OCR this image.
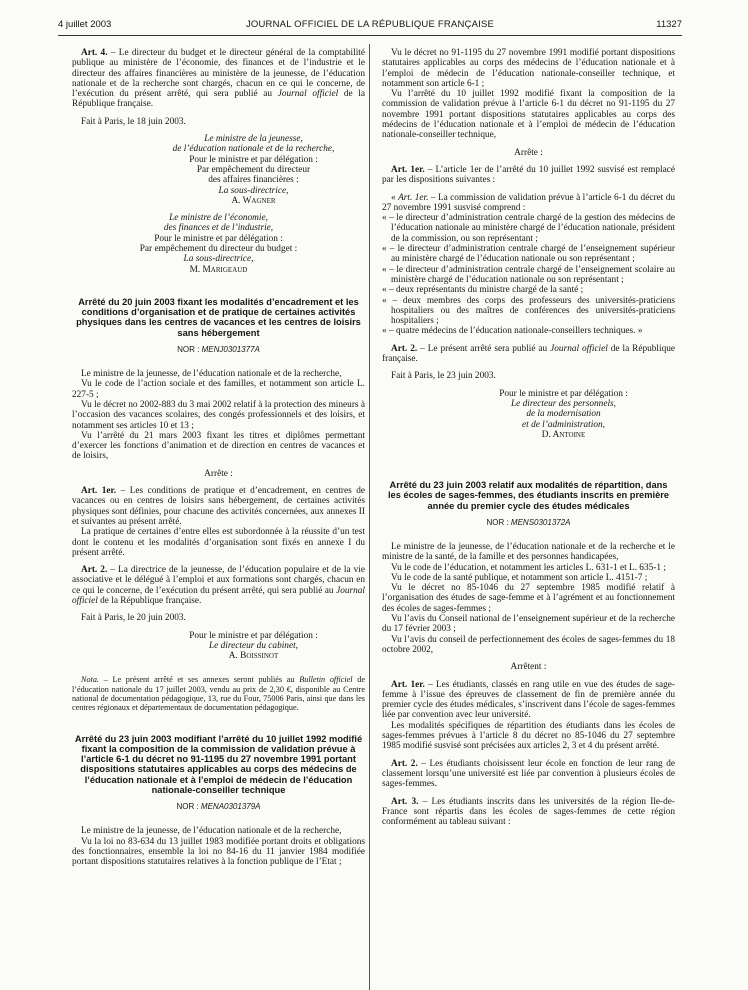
4 juillet 2003	JOURNAL OFFICIEL DE LA RÉPUBLIQUE FRANÇAISE	11327

Art. 4. – Le directeur du budget et le directeur général de la comptabilité publique au ministère de l’économie, des finances et de l’industrie et le directeur des affaires financières au ministère de la jeunesse, de l’éducation nationale et de la recherche sont chargés, chacun en ce qui le concerne, de l’exécution du présent arrêté, qui sera publié au Journal officiel de la République française.

Fait à Paris, le 18 juin 2003.

Le ministre de la jeunesse,

de l’éducation nationale et de la recherche,

Pour le ministre et par délégation :

Par empêchement du directeur

des affaires financières :

La sous-directrice,

A. Wagner

Le ministre de l’économie,

des finances et de l’industrie,

Pour le ministre et par délégation :

Par empêchement du directeur du budget :

La sous-directrice,

M. Marigeaud

Arrêté du 20 juin 2003 fixant les modalités d’encadrement et les conditions d’organisation et de pratique de certaines activités physiques dans les centres de vacances et les centres de loisirs sans hébergement

NOR : MENJ0301377A

Le ministre de la jeunesse, de l’éducation nationale et de la recherche,

Vu le code de l’action sociale et des familles, et notamment son article L. 227-5 ;

Vu le décret no 2002-883 du 3 mai 2002 relatif à la protection des mineurs à l’occasion des vacances scolaires, des congés professionnels et des loisirs, et notamment ses articles 10 et 13 ;

Vu l’arrêté du 21 mars 2003 fixant les titres et diplômes permettant d’exercer les fonctions d’animation et de direction en centres de vacances et de loisirs,

Arrête :

Art. 1er. – Les conditions de pratique et d’encadrement, en centres de vacances ou en centres de loisirs sans hébergement, de certaines activités physiques sont définies, pour chacune des activités concernées, aux annexes II et suivantes au présent arrêté.

La pratique de certaines d’entre elles est subordonnée à la réussite d’un test dont le contenu et les modalités d’organisation sont fixés en annexe I du présent arrêté.

Art. 2. – La directrice de la jeunesse, de l’éducation populaire et de la vie associative et le délégué à l’emploi et aux formations sont chargés, chacun en ce qui le concerne, de l’exécution du présent arrêté, qui sera publié au Journal officiel de la République française.

Fait à Paris, le 20 juin 2003.

Pour le ministre et par délégation :

Le directeur du cabinet,

A. Boissinot

Nota. – Le présent arrêté et ses annexes seront publiés au Bulletin officiel de l’éducation nationale du 17 juillet 2003, vendu au prix de 2,30 €, disponible au Centre national de documentation pédagogique, 13, rue du Four, 75006 Paris, ainsi que dans les centres régionaux et départementaux de documentation pédagogique.

Arrêté du 23 juin 2003 modifiant l’arrêté du 10 juillet 1992 modifié fixant la composition de la commission de validation prévue à l’article 6-1 du décret no 91-1195 du 27 novembre 1991 portant dispositions statutaires applicables au corps des médecins de l’éducation nationale et à l’emploi de médecin de l’éducation nationale-conseiller technique

NOR : MENA0301379A

Le ministre de la jeunesse, de l’éducation nationale et de la recherche,

Vu la loi no 83-634 du 13 juillet 1983 modifiée portant droits et obligations des fonctionnaires, ensemble la loi no 84-16 du 11 janvier 1984 modifiée portant dispositions statutaires relatives à la fonction publique de l’Etat ;

Vu le décret no 91-1195 du 27 novembre 1991 modifié portant dispositions statutaires applicables au corps des médecins de l’éducation nationale et à l’emploi de médecin de l’éducation nationale-conseiller technique, et notamment son article 6-1 ;

Vu l’arrêté du 10 juillet 1992 modifié fixant la composition de la commission de validation prévue à l’article 6-1 du décret no 91-1195 du 27 novembre 1991 portant dispositions statutaires applicables au corps des médecins de l’éducation nationale et à l’emploi de médecin de l’éducation nationale-conseiller technique,

Arrête :

Art. 1er. – L’article 1er de l’arrêté du 10 juillet 1992 susvisé est remplacé par les dispositions suivantes :

« Art. 1er. – La commission de validation prévue à l’article 6-1 du décret du 27 novembre 1991 susvisé comprend :

« – le directeur d’administration centrale chargé de la gestion des médecins de l’éducation nationale au ministère chargé de l’éducation nationale, président de la commission, ou son représentant ;
« – le directeur d’administration centrale chargé de l’enseignement supérieur au ministère chargé de l’éducation nationale ou son représentant ;
« – le directeur d’administration centrale chargé de l’enseignement scolaire au ministère chargé de l’éducation nationale ou son représentant ;
« – deux représentants du ministre chargé de la santé ;
« – deux membres des corps des professeurs des universités-praticiens hospitaliers ou des maîtres de conférences des universités-praticiens hospitaliers ;
« – quatre médecins de l’éducation nationale-conseillers techniques. »

Art. 2. – Le présent arrêté sera publié au Journal officiel de la République française.

Fait à Paris, le 23 juin 2003.

Pour le ministre et par délégation :

Le directeur des personnels,

de la modernisation

et de l’administration,

D. Antoine

Arrêté du 23 juin 2003 relatif aux modalités de répartition, dans les écoles de sages-femmes, des étudiants inscrits en première année du premier cycle des études médicales

NOR : MENS0301372A

Le ministre de la jeunesse, de l’éducation nationale et de la recherche et le ministre de la santé, de la famille et des personnes handicapées,

Vu le code de l’éducation, et notamment les articles L. 631-1 et L. 635-1 ;

Vu le code de la santé publique, et notamment son article L. 4151-7 ;

Vu le décret no 85-1046 du 27 septembre 1985 modifié relatif à l’organisation des études de sage-femme et à l’agrément et au fonctionnement des écoles de sages-femmes ;

Vu l’avis du Conseil national de l’enseignement supérieur et de la recherche du 17 février 2003 ;

Vu l’avis du conseil de perfectionnement des écoles de sages-femmes du 18 octobre 2002,

Arrêtent :

Art. 1er. – Les étudiants, classés en rang utile en vue des études de sage-femme à l’issue des épreuves de classement de fin de première année du premier cycle des études médicales, s’inscrivent dans l’école de sages-femmes liée par convention avec leur université.

Les modalités spécifiques de répartition des étudiants dans les écoles de sages-femmes prévues à l’article 8 du décret no 85-1046 du 27 septembre 1985 modifié susvisé sont précisées aux articles 2, 3 et 4 du présent arrêté.

Art. 2. – Les étudiants choisissent leur école en fonction de leur rang de classement lorsqu’une université est liée par convention à plusieurs écoles de sages-femmes.

Art. 3. – Les étudiants inscrits dans les universités de la région Ile-de-France sont répartis dans les écoles de sages-femmes de cette région conformément au tableau suivant :
